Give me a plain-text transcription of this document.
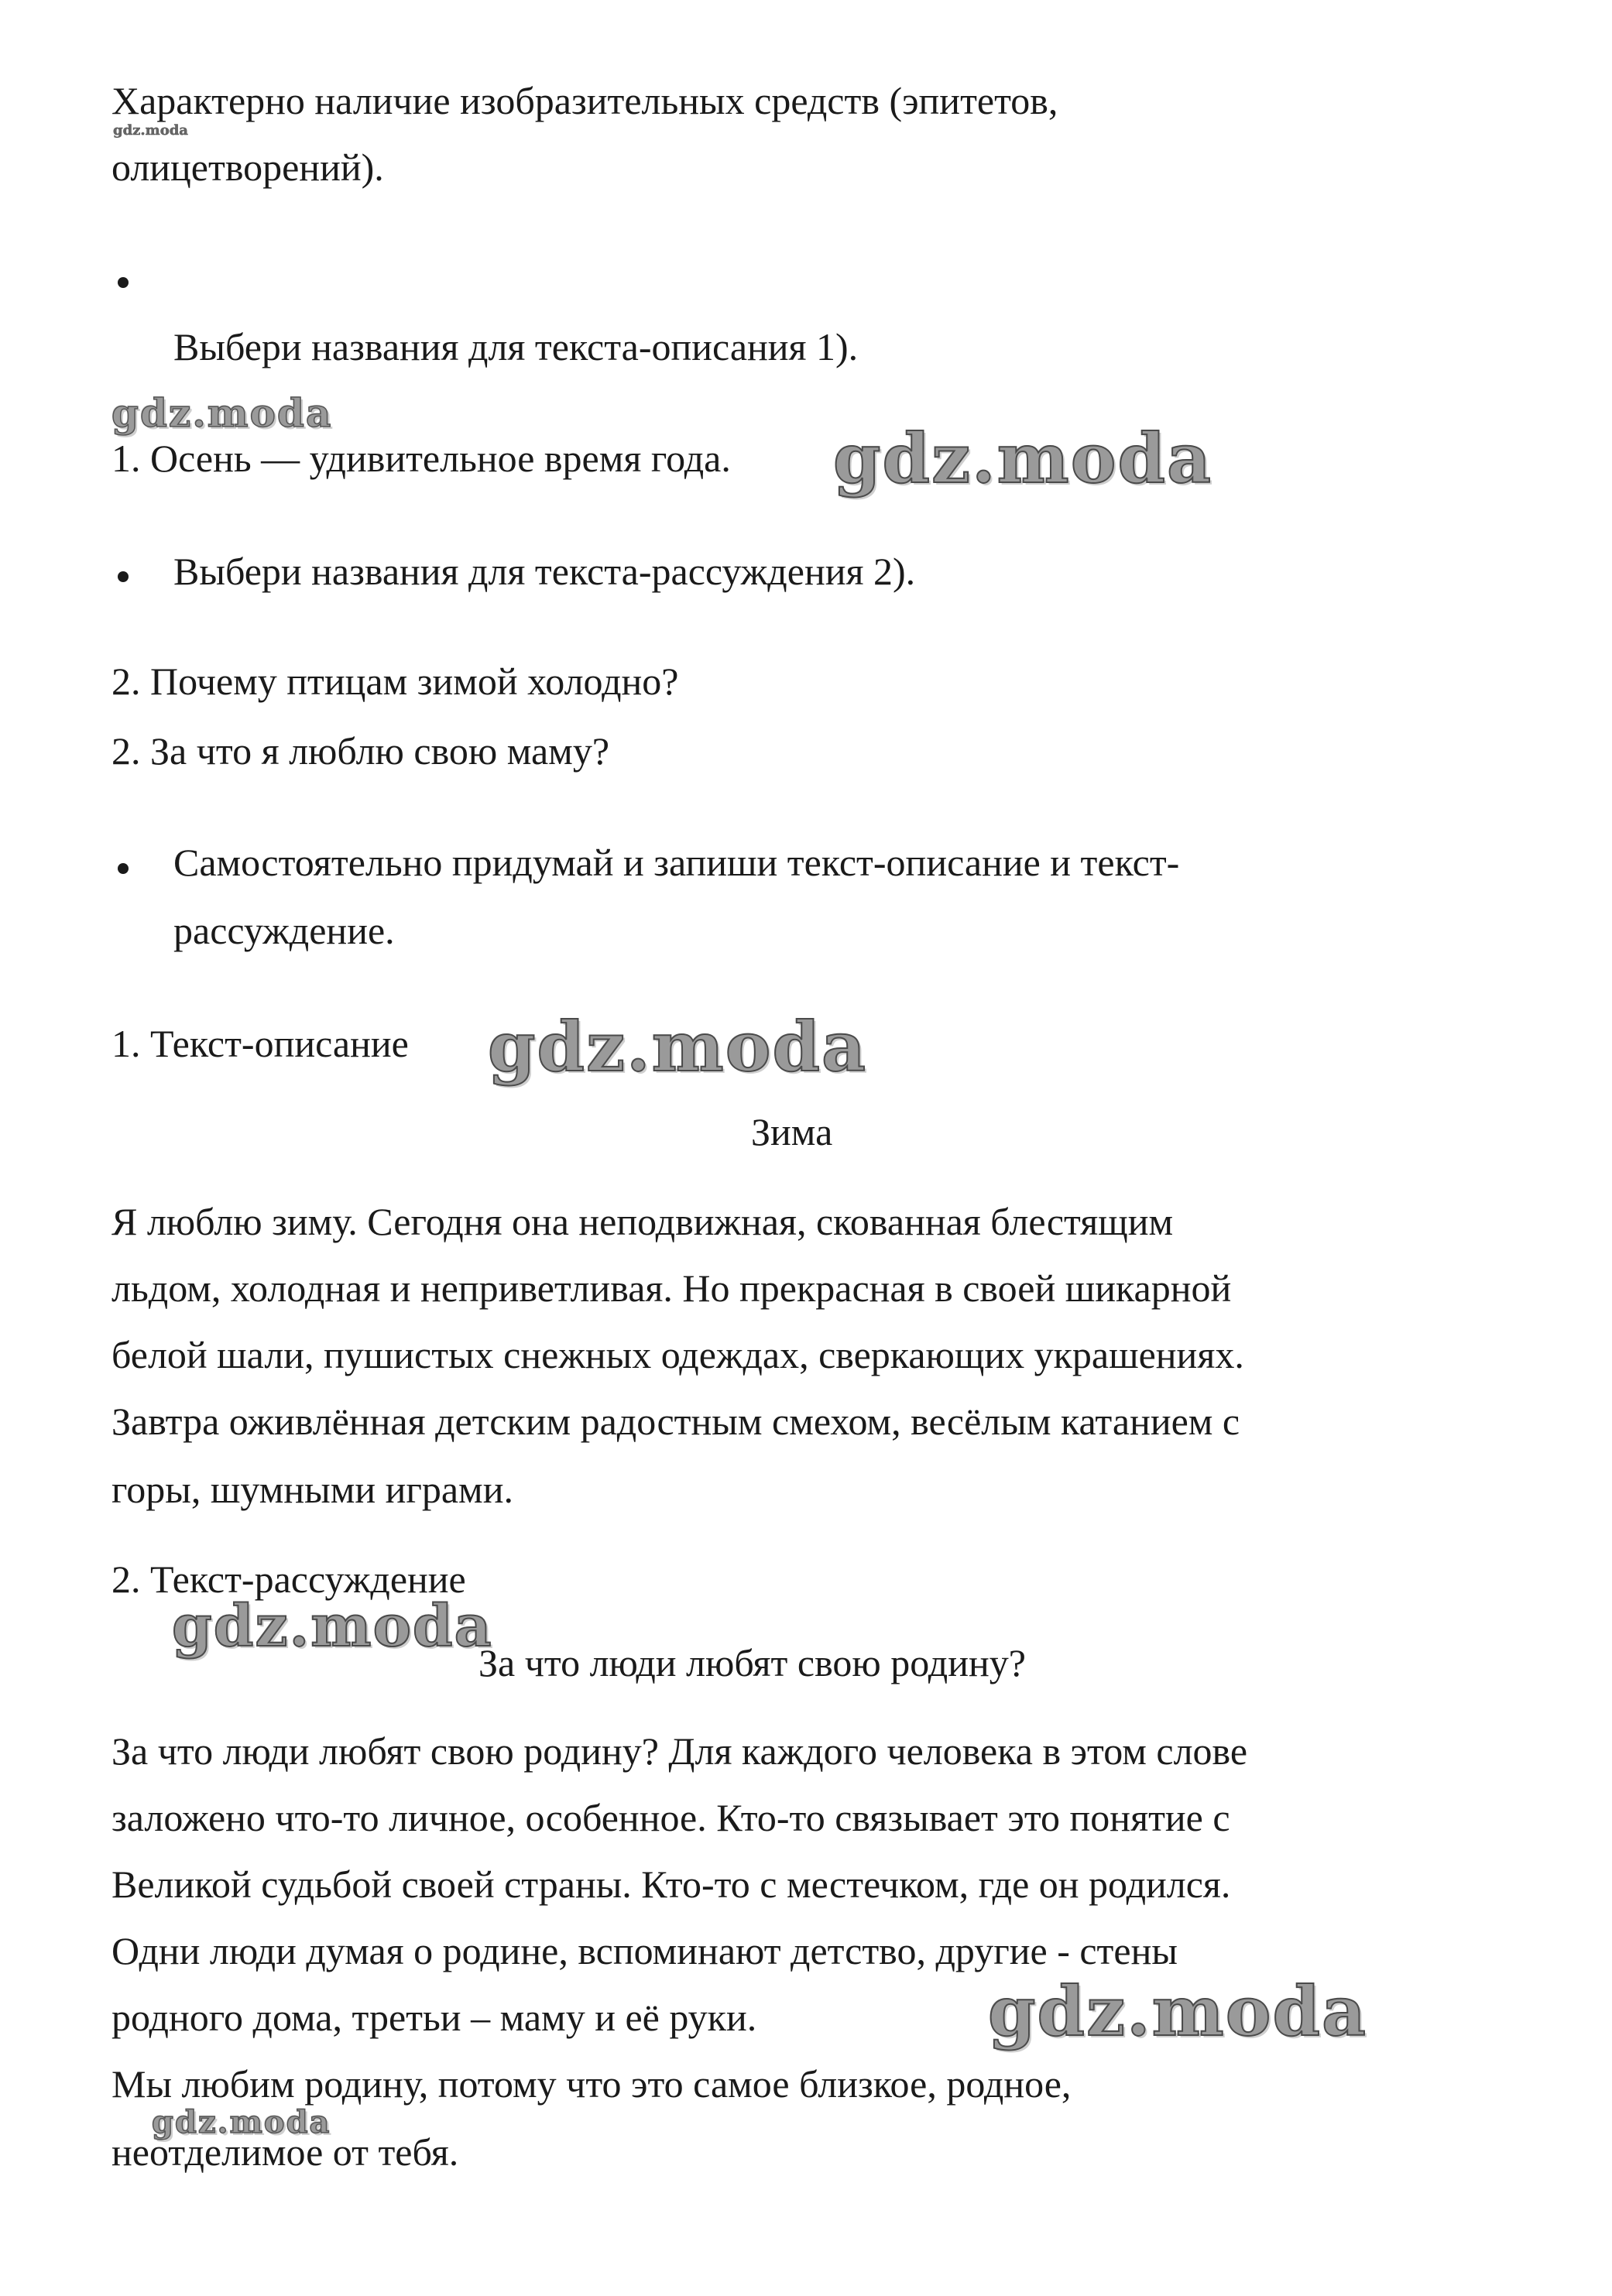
Характерно наличие изобразительных средств (эпитетов,
gdz.moda
олицетворений).
Выбери названия для текста-описания 1).
gdz.moda
1. Осень — удивительное время года. gdz.moda
Выбери названия для текста-рассуждения 2).
2. Почему птицам зимой холодно?
2. За что я люблю свою маму?
Самостоятельно придумай и запиши текст-описание и текст-
рассуждение.
1. Текст-описание gdz.moda
Зима
Я люблю зиму. Сегодня она неподвижная, скованная блестящим
льдом, холодная и неприветливая. Но прекрасная в своей шикарной
белой шали, пушистых снежных одеждах, сверкающих украшениях.
Завтра оживлённая детским радостным смехом, весёлым катанием с
горы, шумными играми.
2. Текст-рассуждение
gdz.moda
За что люди любят свою родину?
За что люди любят свою родину? Для каждого человека в этом слове
заложено что-то личное, особенное. Кто-то связывает это понятие с
Великой судьбой своей страны. Кто-то с местечком, где он родился.
Одни люди думая о родине, вспоминают детство, другие - стены
родного дома, третьи – маму и её руки.	gdz.moda
Мы любим родину, потому что это самое близкое, родное,
gdz.moda
неотделимое от тебя.
